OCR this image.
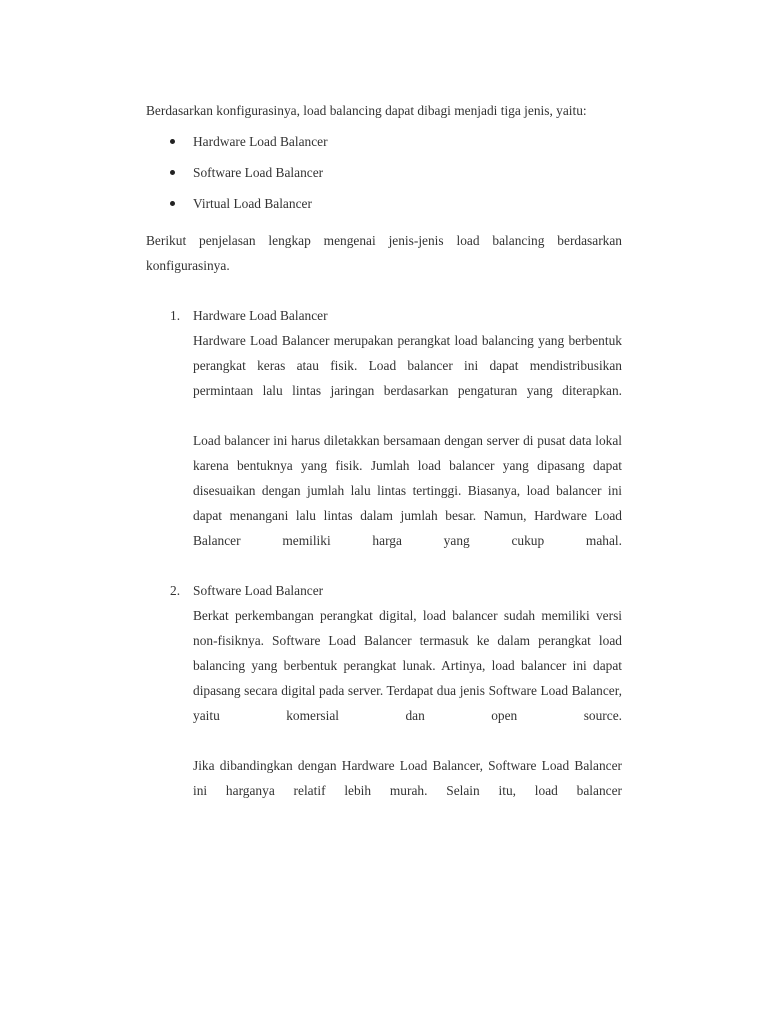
Berdasarkan konfigurasinya, load balancing dapat dibagi menjadi tiga jenis, yaitu:

Hardware Load Balancer
Software Load Balancer
Virtual Load Balancer

Berikut penjelasan lengkap mengenai jenis-jenis load balancing berdasarkan konfigurasinya.

1. Hardware Load Balancer

Hardware Load Balancer merupakan perangkat load balancing yang berbentuk perangkat keras atau fisik. Load balancer ini dapat mendistribusikan permintaan lalu lintas jaringan berdasarkan pengaturan yang diterapkan.

Load balancer ini harus diletakkan bersamaan dengan server di pusat data lokal karena bentuknya yang fisik. Jumlah load balancer yang dipasang dapat disesuaikan dengan jumlah lalu lintas tertinggi. Biasanya, load balancer ini dapat menangani lalu lintas dalam jumlah besar. Namun, Hardware Load Balancer memiliki harga yang cukup mahal.

2. Software Load Balancer

Berkat perkembangan perangkat digital, load balancer sudah memiliki versi non-fisiknya. Software Load Balancer termasuk ke dalam perangkat load balancing yang berbentuk perangkat lunak. Artinya, load balancer ini dapat dipasang secara digital pada server. Terdapat dua jenis Software Load Balancer, yaitu komersial dan open source.

Jika dibandingkan dengan Hardware Load Balancer, Software Load Balancer ini harganya relatif lebih murah. Selain itu, load balancer
